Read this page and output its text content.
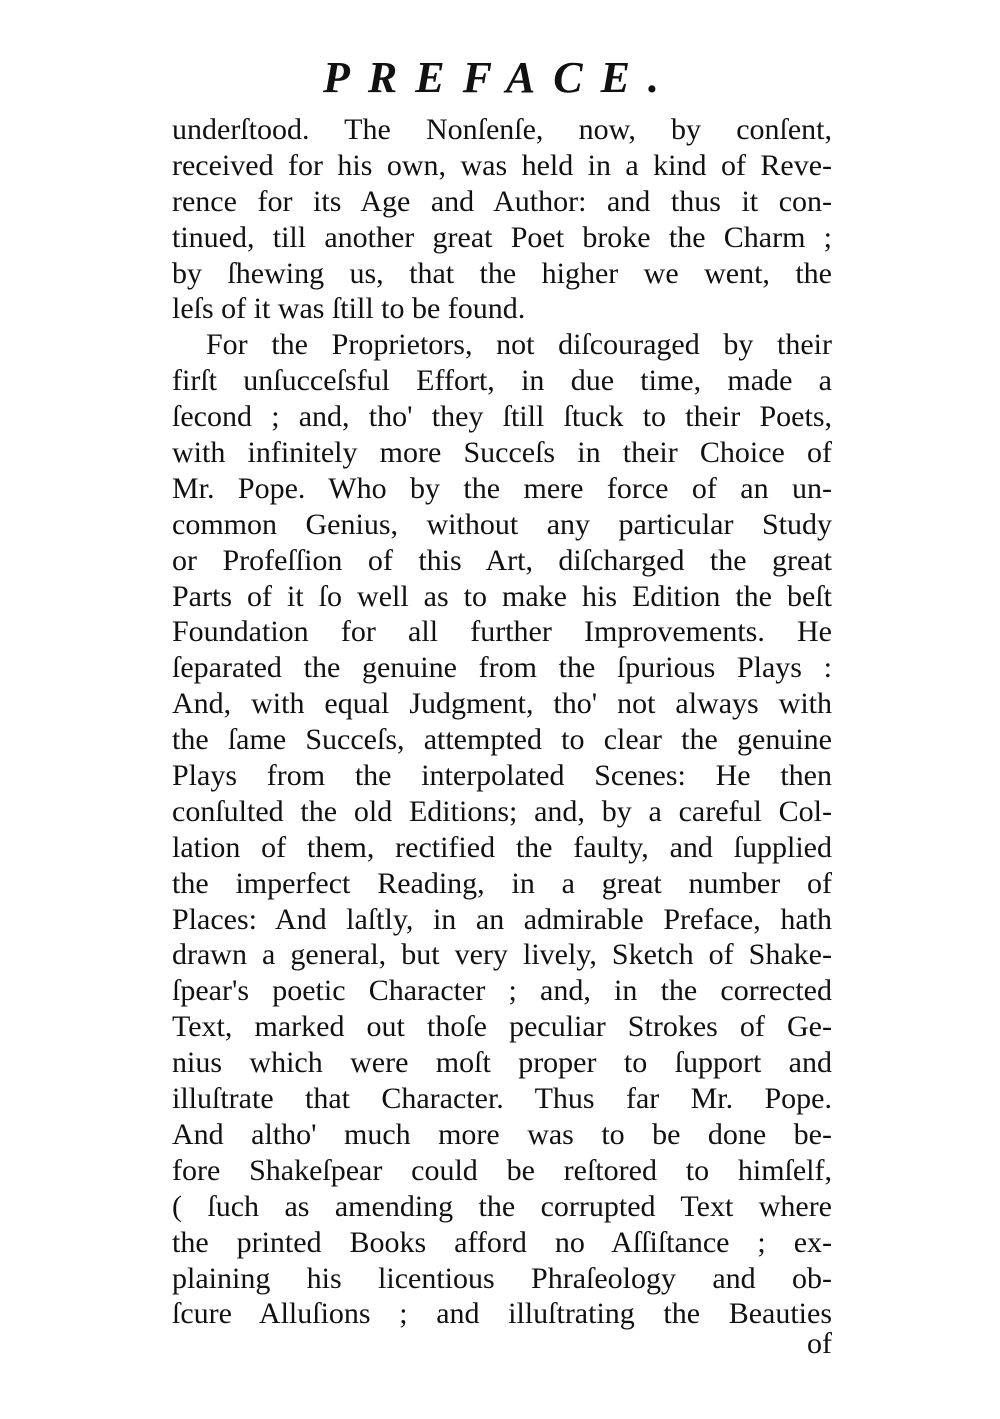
PREFACE.
underſtood. The Nonſenſe, now, by conſent,
received for his own, was held in a kind of Reve-
rence for its Age and Author: and thus it con-
tinued, till another great Poet broke the Charm ;
by ſhewing us, that the higher we went, the
leſs of it was ſtill to be found.
For the Proprietors, not diſcouraged by their
firſt unſucceſsful Effort, in due time, made a
ſecond ; and, tho' they ſtill ſtuck to their Poets,
with infinitely more Succeſs in their Choice of
Mr. Pope. Who by the mere force of an un-
common Genius, without any particular Study
or Profeſſion of this Art, diſcharged the great
Parts of it ſo well as to make his Edition the beſt
Foundation for all further Improvements. He
ſeparated the genuine from the ſpurious Plays :
And, with equal Judgment, tho' not always with
the ſame Succeſs, attempted to clear the genuine
Plays from the interpolated Scenes: He then
conſulted the old Editions; and, by a careful Col-
lation of them, rectified the faulty, and ſupplied
the imperfect Reading, in a great number of
Places: And laſtly, in an admirable Preface, hath
drawn a general, but very lively, Sketch of Shake-
ſpear's poetic Character ; and, in the corrected
Text, marked out thoſe peculiar Strokes of Ge-
nius which were moſt proper to ſupport and
illuſtrate that Character. Thus far Mr. Pope.
And altho' much more was to be done be-
fore Shakeſpear could be reſtored to himſelf,
( ſuch as amending the corrupted Text where
the printed Books afford no Aſſiſtance ; ex-
plaining his licentious Phraſeology and ob-
ſcure Alluſions ; and illuſtrating the Beauties
of
